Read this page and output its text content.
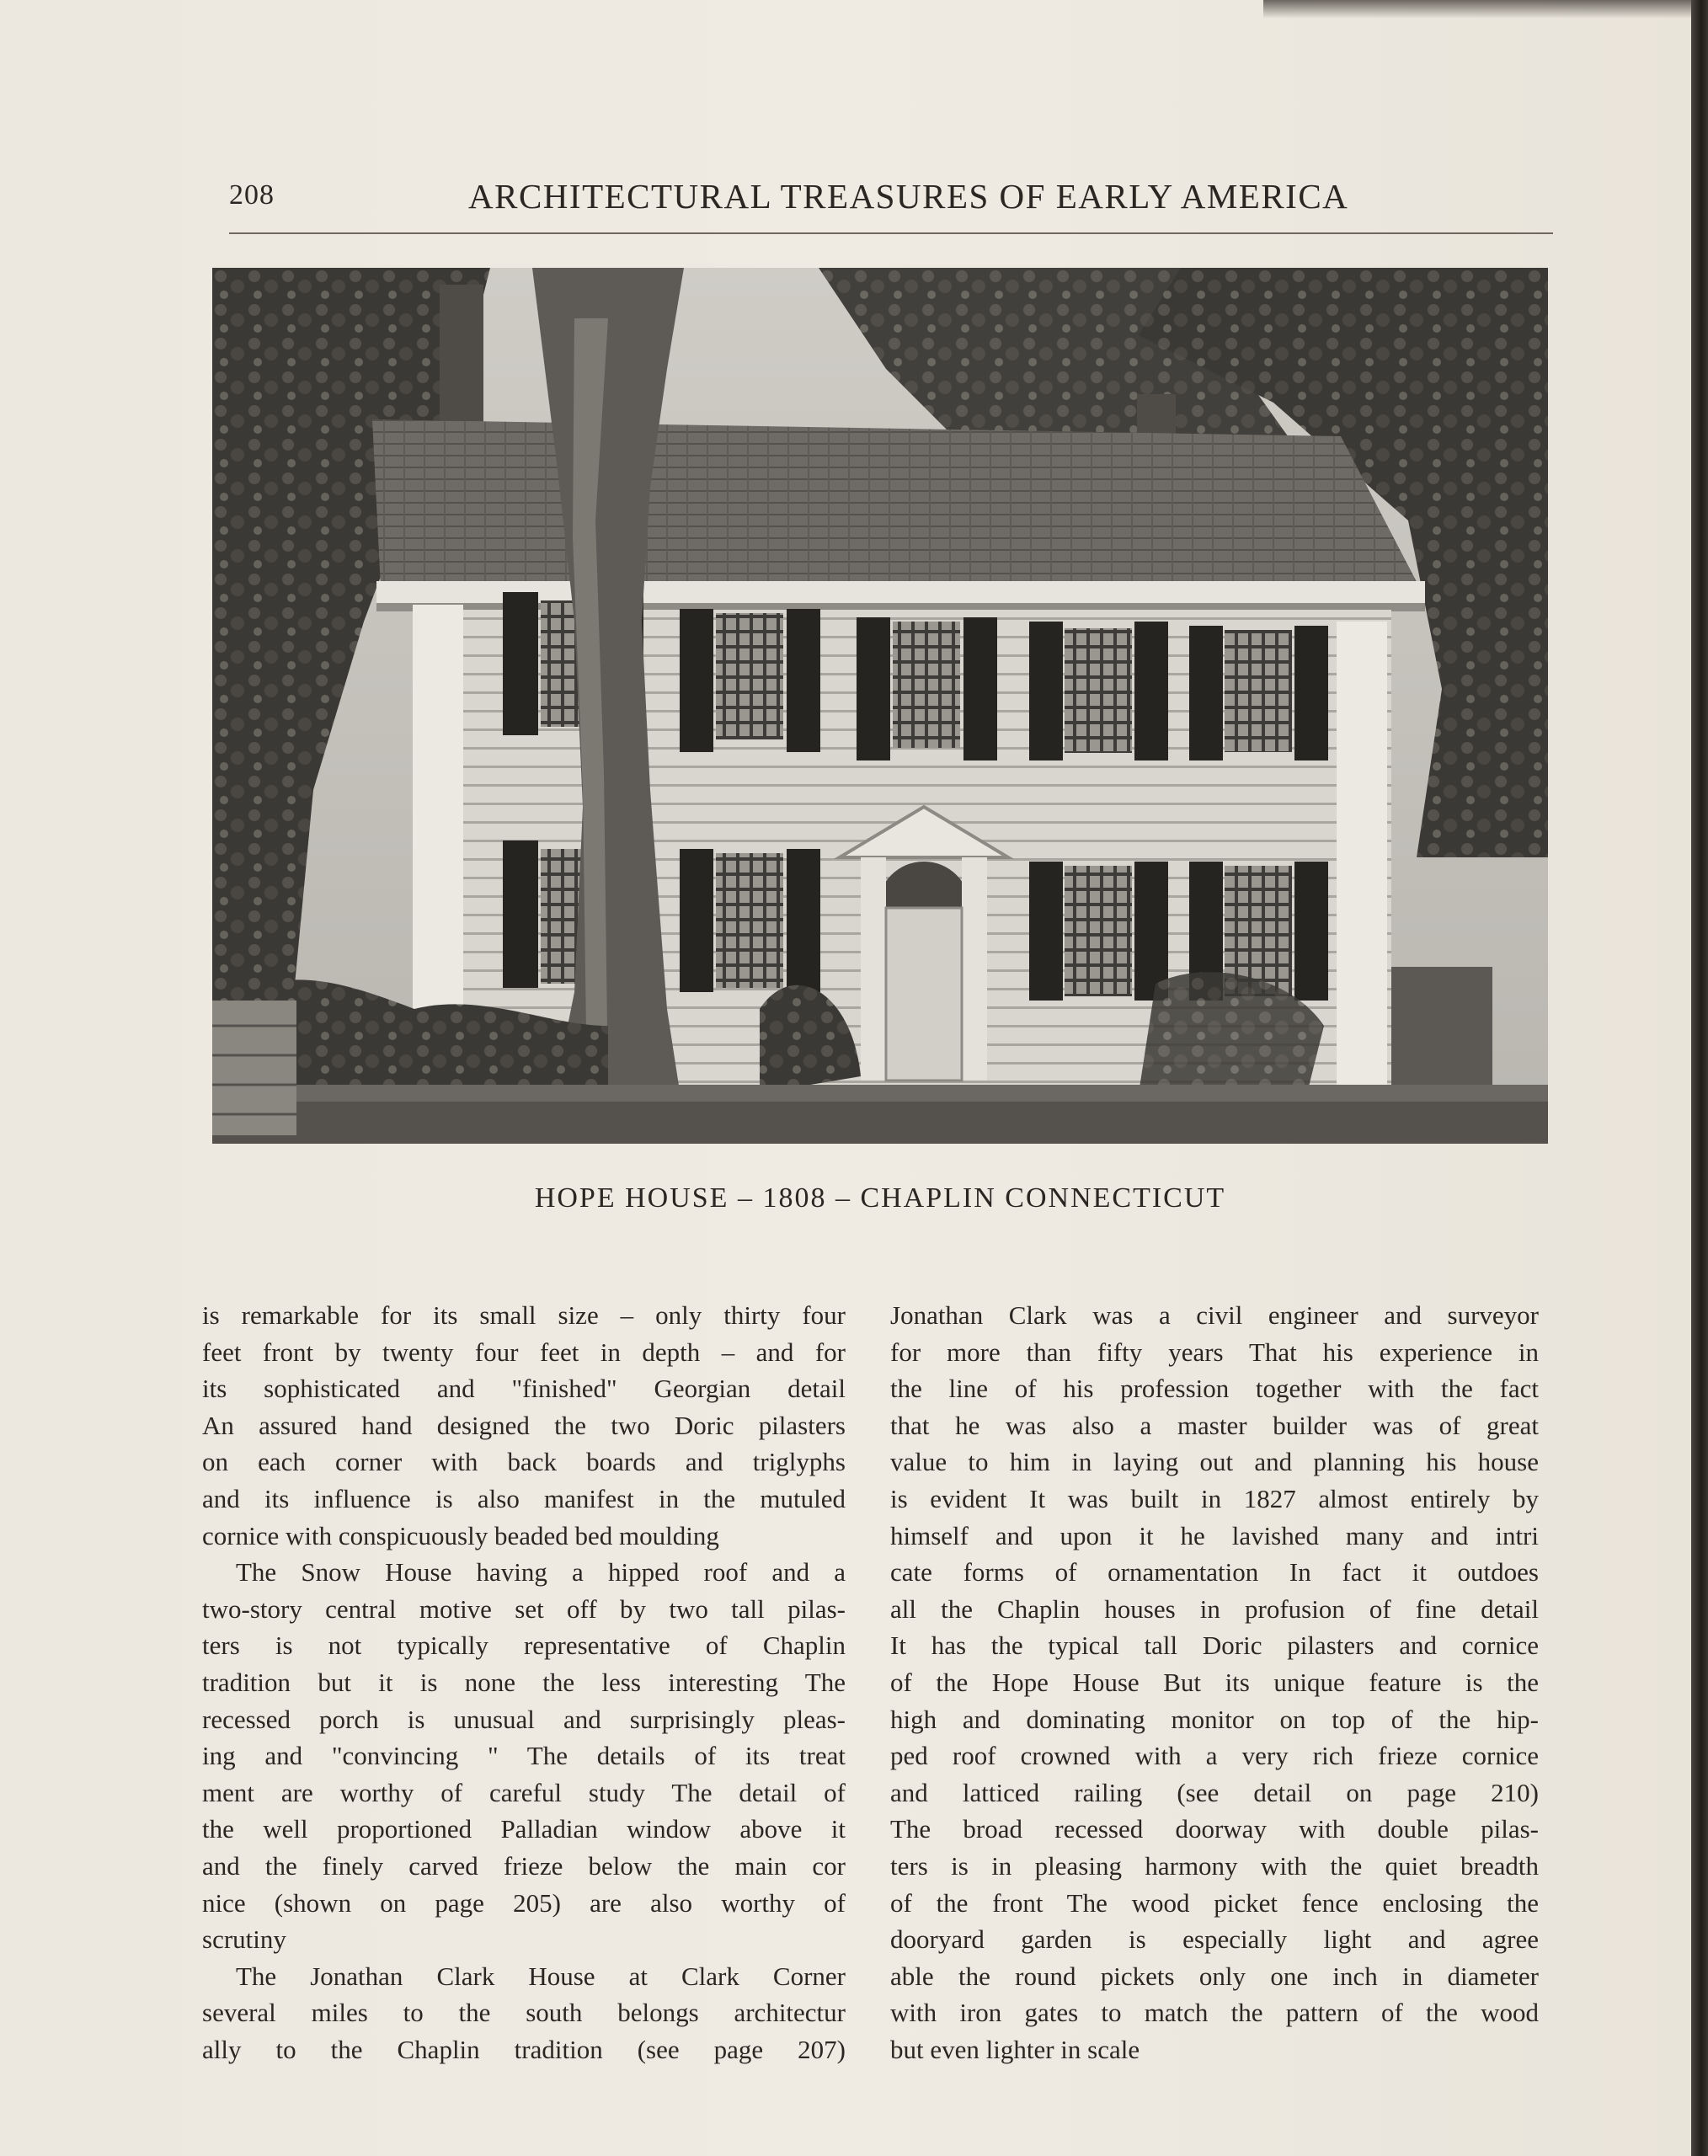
208	ARCHITECTURAL TREASURES OF EARLY AMERICA
HOPE HOUSE – 1808 – CHAPLIN CONNECTICUT
is remarkable for its small size – only thirty four
feet front by twenty four feet in depth – and for
its sophisticated and "finished" Georgian detail
An assured hand designed the two Doric pilasters
on each corner with back boards and triglyphs
and its influence is also manifest in the mutuled
cornice with conspicuously beaded bed moulding
The Snow House having a hipped roof and a
two-story central motive set off by two tall pilas-
ters is not typically representative of Chaplin
tradition but it is none the less interesting The
recessed porch is unusual and surprisingly pleas-
ing and "convincing " The details of its treat
ment are worthy of careful study The detail of
the well proportioned Palladian window above it
and the finely carved frieze below the main cor
nice (shown on page 205) are also worthy of
scrutiny
The Jonathan Clark House at Clark Corner
several miles to the south belongs architectur
ally to the Chaplin tradition (see page 207)
Jonathan Clark was a civil engineer and surveyor
for more than fifty years That his experience in
the line of his profession together with the fact
that he was also a master builder was of great
value to him in laying out and planning his house
is evident It was built in 1827 almost entirely by
himself and upon it he lavished many and intri
cate forms of ornamentation In fact it outdoes
all the Chaplin houses in profusion of fine detail
It has the typical tall Doric pilasters and cornice
of the Hope House But its unique feature is the
high and dominating monitor on top of the hip-
ped roof crowned with a very rich frieze cornice
and latticed railing (see detail on page 210)
The broad recessed doorway with double pilas-
ters is in pleasing harmony with the quiet breadth
of the front The wood picket fence enclosing the
dooryard garden is especially light and agree
able the round pickets only one inch in diameter
with iron gates to match the pattern of the wood
but even lighter in scale
